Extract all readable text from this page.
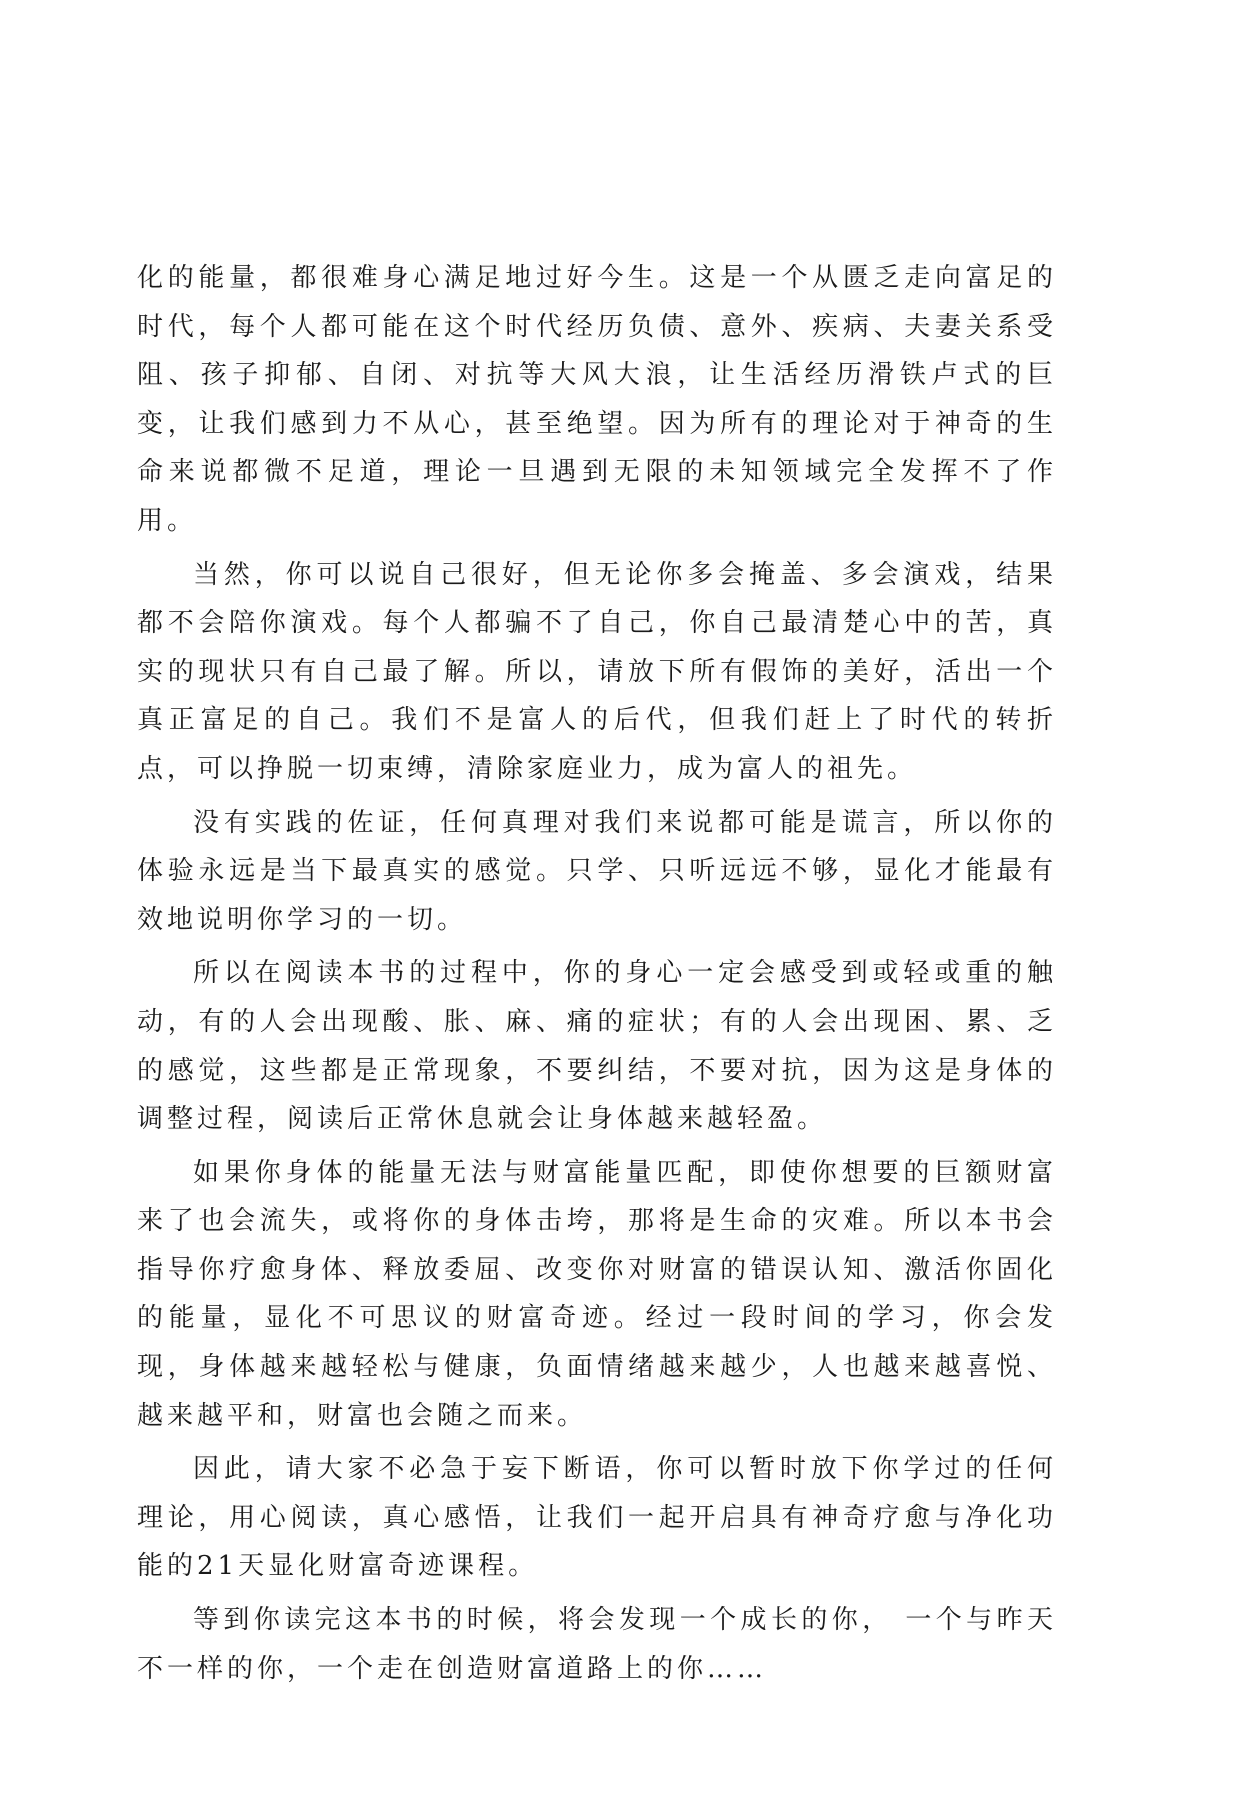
化的能量，都很难身心满足地过好今生。这是一个从匮乏走向富足的时代，每个人都可能在这个时代经历负债、意外、疾病、夫妻关系受阻、孩子抑郁、自闭、对抗等大风大浪，让生活经历滑铁卢式的巨变，让我们感到力不从心，甚至绝望。因为所有的理论对于神奇的生命来说都微不足道，理论一旦遇到无限的未知领域完全发挥不了作用。

当然，你可以说自己很好，但无论你多会掩盖、多会演戏，结果都不会陪你演戏。每个人都骗不了自己，你自己最清楚心中的苦，真实的现状只有自己最了解。所以，请放下所有假饰的美好，活出一个真正富足的自己。我们不是富人的后代，但我们赶上了时代的转折点，可以挣脱一切束缚，清除家庭业力，成为富人的祖先。

没有实践的佐证，任何真理对我们来说都可能是谎言，所以你的体验永远是当下最真实的感觉。只学、只听远远不够，显化才能最有效地说明你学习的一切。

所以在阅读本书的过程中，你的身心一定会感受到或轻或重的触动，有的人会出现酸、胀、麻、痛的症状；有的人会出现困、累、乏的感觉，这些都是正常现象，不要纠结，不要对抗，因为这是身体的调整过程，阅读后正常休息就会让身体越来越轻盈。

如果你身体的能量无法与财富能量匹配，即使你想要的巨额财富来了也会流失，或将你的身体击垮，那将是生命的灾难。所以本书会指导你疗愈身体、释放委屈、改变你对财富的错误认知、激活你固化的能量，显化不可思议的财富奇迹。经过一段时间的学习，你会发现，身体越来越轻松与健康，负面情绪越来越少，人也越来越喜悦、越来越平和，财富也会随之而来。

因此，请大家不必急于妄下断语，你可以暂时放下你学过的任何理论，用心阅读，真心感悟，让我们一起开启具有神奇疗愈与净化功能的21天显化财富奇迹课程。

等到你读完这本书的时候，将会发现一个成长的你， 一个与昨天不一样的你，一个走在创造财富道路上的你……
